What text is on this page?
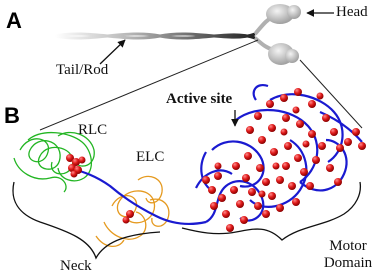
A
B
Head
Tail/Rod
Active site
RLC
ELC
Neck
Motor Domain
